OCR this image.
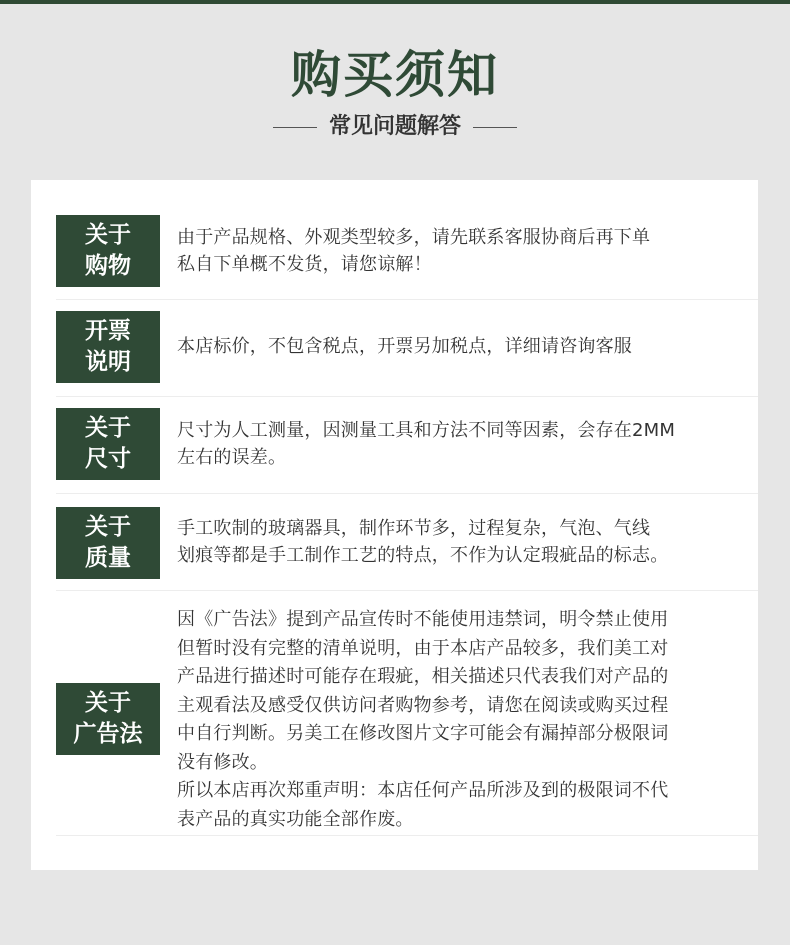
购买须知
常见问题解答
关于
购物
由于产品规格、外观类型较多，请先联系客服协商后再下单
私自下单概不发货，请您谅解！
开票
说明
本店标价，不包含税点，开票另加税点，详细请咨询客服
关于
尺寸
尺寸为人工测量，因测量工具和方法不同等因素，会存在2MM
左右的误差。
关于
质量
手工吹制的玻璃器具，制作环节多，过程复杂，气泡、气线
划痕等都是手工制作工艺的特点，不作为认定瑕疵品的标志。
关于
广告法
因《广告法》提到产品宣传时不能使用违禁词，明令禁止使用
但暂时没有完整的清单说明，由于本店产品较多，我们美工对
产品进行描述时可能存在瑕疵，相关描述只代表我们对产品的
主观看法及感受仅供访问者购物参考，请您在阅读或购买过程
中自行判断。另美工在修改图片文字可能会有漏掉部分极限词
没有修改。
所以本店再次郑重声明：本店任何产品所涉及到的极限词不代
表产品的真实功能全部作废。
